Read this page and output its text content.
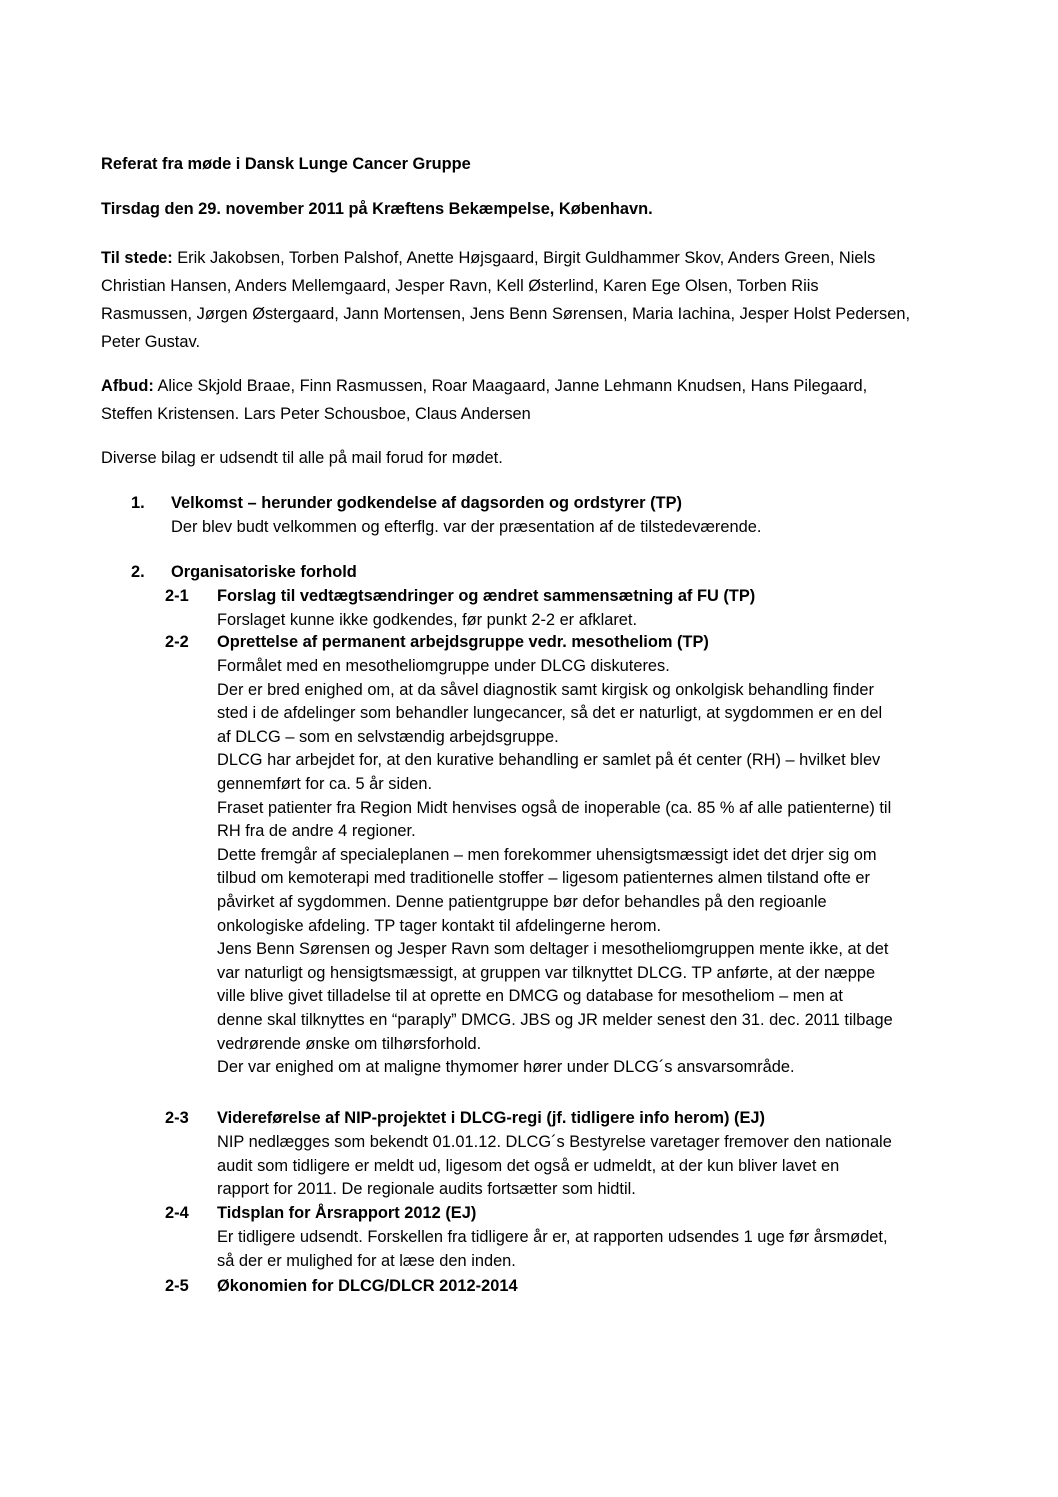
Referat fra møde i Dansk Lunge Cancer Gruppe

Tirsdag den 29. november 2011 på Kræftens Bekæmpelse, København.

Til stede: Erik Jakobsen, Torben Palshof, Anette Højsgaard, Birgit Guldhammer Skov, Anders Green, Niels
Christian Hansen, Anders Mellemgaard, Jesper Ravn, Kell Østerlind, Karen Ege Olsen, Torben Riis
Rasmussen, Jørgen Østergaard, Jann Mortensen, Jens Benn Sørensen, Maria Iachina, Jesper Holst Pedersen,
Peter Gustav.
Afbud: Alice Skjold Braae, Finn Rasmussen, Roar Maagaard, Janne Lehmann Knudsen, Hans Pilegaard,
Steffen Kristensen. Lars Peter Schousboe, Claus Andersen

Diverse bilag er udsendt til alle på mail forud for mødet.

1. Velkomst – herunder godkendelse af dagsorden og ordstyrer (TP)
Der blev budt velkommen og efterflg. var der præsentation af de tilstedeværende.
2. Organisatoriske forhold
2-1 Forslag til vedtægtsændringer og ændret sammensætning af FU (TP)

Forslaget kunne ikke godkendes, før punkt 2-2 er afklaret.

2-2 Oprettelse af permanent arbejdsgruppe vedr. mesotheliom (TP)

Formålet med en mesotheliomgruppe under DLCG diskuteres.

Der er bred enighed om, at da såvel diagnostik samt kirgisk og onkolgisk behandling finder

sted i de afdelinger som behandler lungecancer, så det er naturligt, at sygdommen er en del

af DLCG – som en selvstændig arbejdsgruppe.

DLCG har arbejdet for, at den kurative behandling er samlet på ét center (RH) – hvilket blev

gennemført for ca. 5 år siden.

Fraset patienter fra Region Midt henvises også de inoperable (ca. 85 % af alle patienterne) til

RH fra de andre 4 regioner.

Dette fremgår af specialeplanen – men forekommer uhensigtsmæssigt idet det drjer sig om

tilbud om kemoterapi med traditionelle stoffer – ligesom patienternes almen tilstand ofte er

påvirket af sygdommen. Denne patientgruppe bør defor behandles på den regioanle

onkologiske afdeling. TP tager kontakt til afdelingerne herom.

Jens Benn Sørensen og Jesper Ravn som deltager i mesotheliomgruppen mente ikke, at det

var naturligt og hensigtsmæssigt, at gruppen var tilknyttet DLCG. TP anførte, at der næppe

ville blive givet tilladelse til at oprette en DMCG og database for mesotheliom – men at

denne skal tilknyttes en “paraply” DMCG. JBS og JR melder senest den 31. dec. 2011 tilbage

vedrørende ønske om tilhørsforhold.

Der var enighed om at maligne thymomer hører under DLCG´s ansvarsområde.

2-3 Videreførelse af NIP-projektet i DLCG-regi (jf. tidligere info herom) (EJ)

NIP nedlægges som bekendt 01.01.12. DLCG´s Bestyrelse varetager fremover den nationale

audit som tidligere er meldt ud, ligesom det også er udmeldt, at der kun bliver lavet en

rapport for 2011. De regionale audits fortsætter som hidtil.

2-4 Tidsplan for Årsrapport 2012 (EJ)

Er tidligere udsendt. Forskellen fra tidligere år er, at rapporten udsendes 1 uge før årsmødet,

så der er mulighed for at læse den inden.

2-5 Økonomien for DLCG/DLCR 2012-2014
